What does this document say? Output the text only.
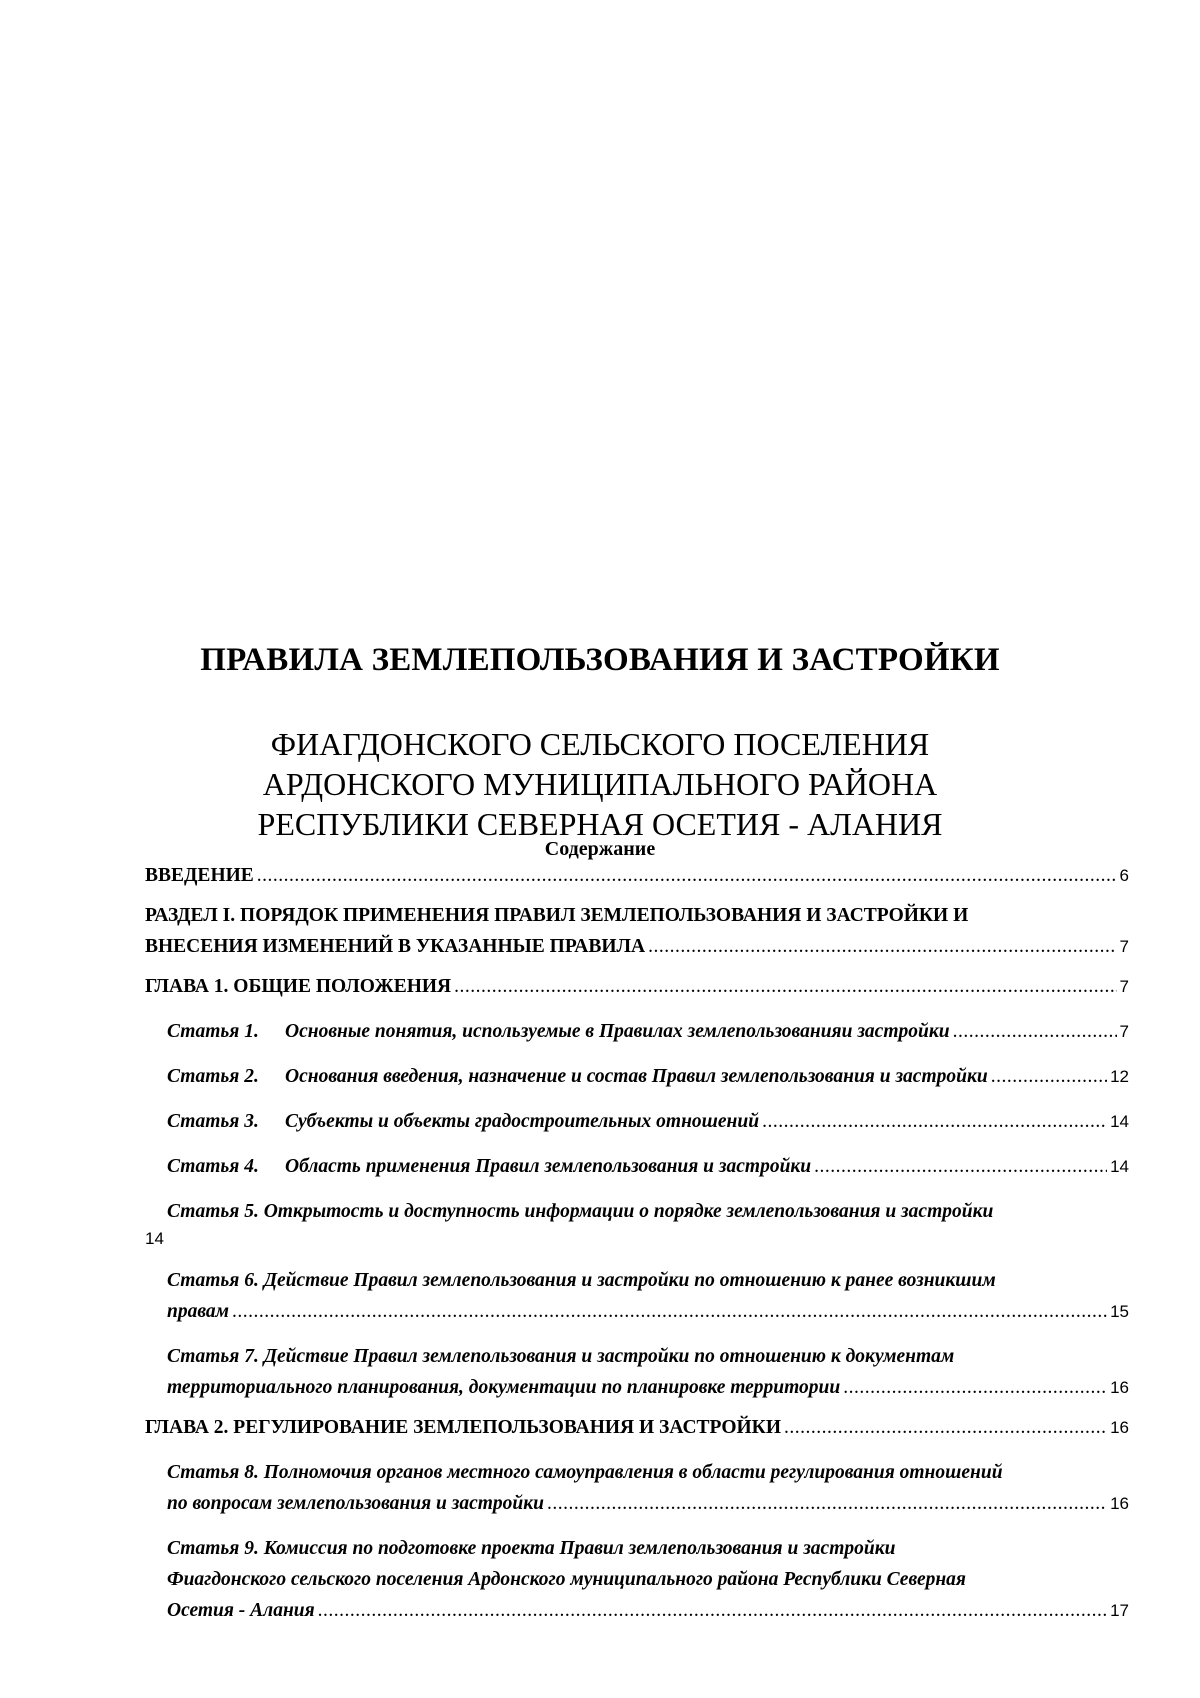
ПРАВИЛА ЗЕМЛЕПОЛЬЗОВАНИЯ И ЗАСТРОЙКИ
ФИАГДОНСКОГО СЕЛЬСКОГО ПОСЕЛЕНИЯ
АРДОНСКОГО МУНИЦИПАЛЬНОГО РАЙОНА
РЕСПУБЛИКИ СЕВЕРНАЯ ОСЕТИЯ - АЛАНИЯ
Содержание
ВВЕДЕНИЕ .....	6
РАЗДЕЛ I. ПОРЯДОК ПРИМЕНЕНИЯ ПРАВИЛ ЗЕМЛЕПОЛЬЗОВАНИЯ И ЗАСТРОЙКИ И
ВНЕСЕНИЯ ИЗМЕНЕНИЙ В УКАЗАННЫЕ ПРАВИЛА .....	7
ГЛАВА 1. ОБЩИЕ ПОЛОЖЕНИЯ .....	7
Статья 1. Основные понятия, используемые в Правилах землепользованияи застройки .....	7
Статья 2. Основания введения, назначение и состав Правил землепользования и застройки .....	12
Статья 3. Субъекты и объекты градостроительных отношений .....	14
Статья 4. Область применения Правил землепользования и застройки .....	14
Статья 5. Открытость и доступность информации о порядке землепользования и застройки
14
Статья 6. Действие Правил землепользования и застройки по отношению к ранее возникшим
правам .....	15
Статья 7. Действие Правил землепользования и застройки по отношению к документам
территориального планирования, документации по планировке территории .....	16
ГЛАВА 2. РЕГУЛИРОВАНИЕ ЗЕМЛЕПОЛЬЗОВАНИЯ И ЗАСТРОЙКИ .....	16
Статья 8. Полномочия органов местного самоуправления в области регулирования отношений
по вопросам землепользования и застройки .....	16
Статья 9. Комиссия по подготовке проекта Правил землепользования и застройки
Фиагдонского сельского поселения Ардонского муниципального района Республики Северная
Осетия - Алания .....	17
